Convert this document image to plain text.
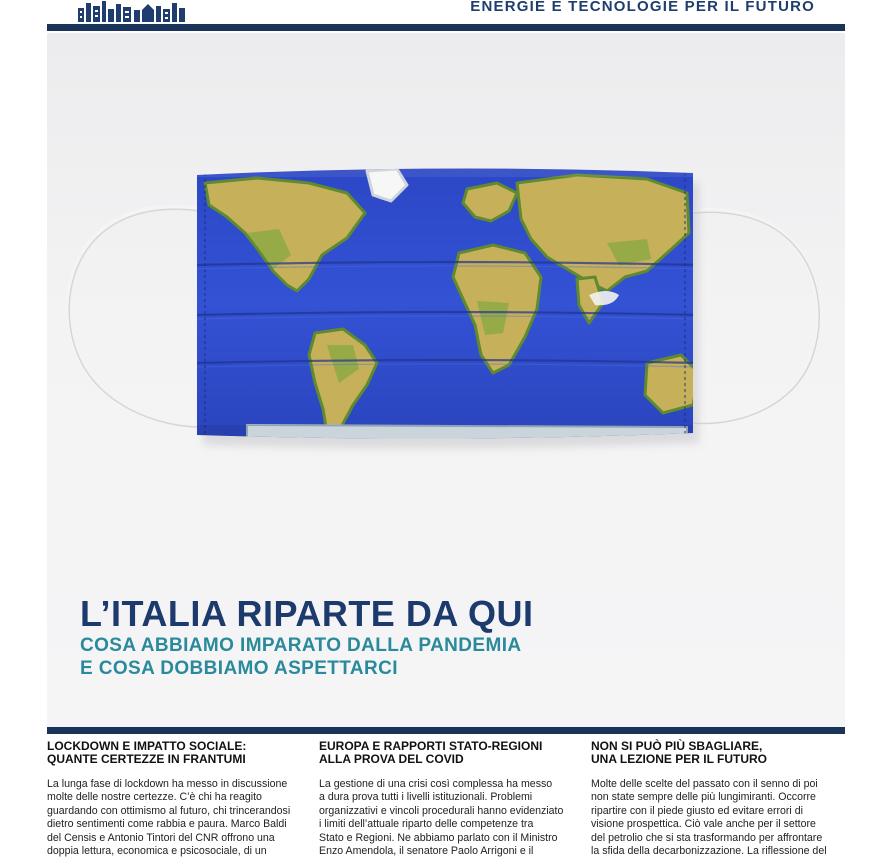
ENERGIE E TECNOLOGIE PER IL FUTURO
L’ITALIA RIPARTE DA QUI
COSA ABBIAMO IMPARATO DALLA PANDEMIA
E COSA DOBBIAMO ASPETTARCI
LOCKDOWN E IMPATTO SOCIALE:
QUANTE CERTEZZE IN FRANTUMI

La lunga fase di lockdown ha messo in discussione
molte delle nostre certezze. C’è chi ha reagito
guardando con ottimismo al futuro, chi trincerandosi
dietro sentimenti come rabbia e paura. Marco Baldi
del Censis e Antonio Tintori del CNR offrono una
doppia lettura, economica e psicosociale, di un

EUROPA E RAPPORTI STATO-REGIONI
ALLA PROVA DEL COVID

La gestione di una crisi così complessa ha messo
a dura prova tutti i livelli istituzionali. Problemi
organizzativi e vincoli procedurali hanno evidenziato
i limiti dell’attuale riparto delle competenze tra
Stato e Regioni. Ne abbiamo parlato con il Ministro
Enzo Amendola, il senatore Paolo Arrigoni e il

NON SI PUÒ PIÙ SBAGLIARE,
UNA LEZIONE PER IL FUTURO

Molte delle scelte del passato con il senno di poi
non state sempre delle più lungimiranti. Occorre
ripartire con il piede giusto ed evitare errori di
visione prospettica. Ciò vale anche per il settore
del petrolio che si sta trasformando per affrontare
la sfida della decarbonizzazione. La riflessione del
